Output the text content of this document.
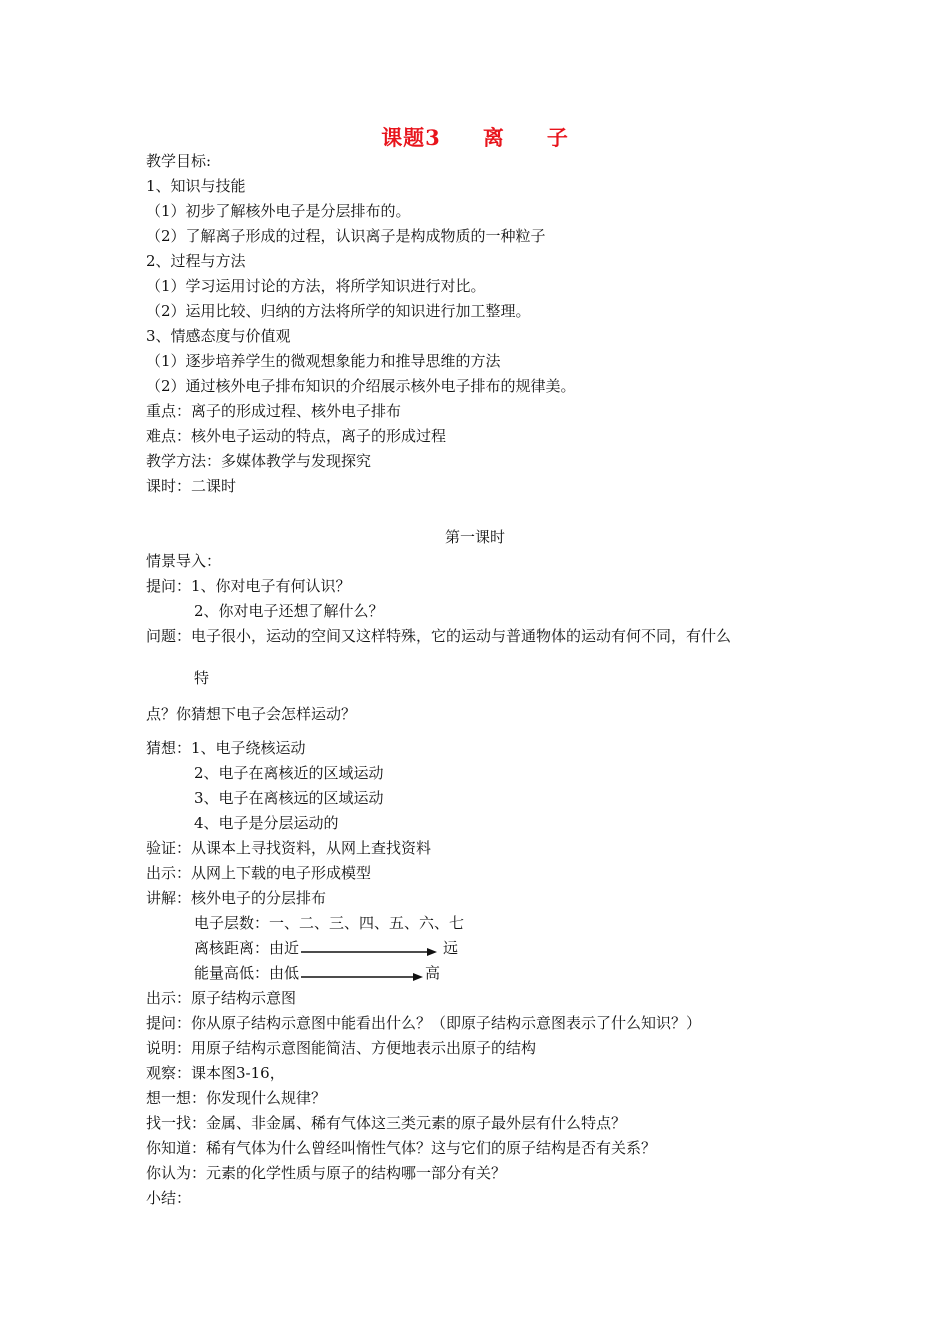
课题3 离 子
教学目标:
1、知识与技能
（1）初步了解核外电子是分层排布的。
（2）了解离子形成的过程，认识离子是构成物质的一种粒子
2、过程与方法
（1）学习运用讨论的方法，将所学知识进行对比。
（2）运用比较、归纳的方法将所学的知识进行加工整理。
3、情感态度与价值观
（1）逐步培养学生的微观想象能力和推导思维的方法
（2）通过核外电子排布知识的介绍展示核外电子排布的规律美。
重点：离子的形成过程、核外电子排布
难点：核外电子运动的特点，离子的形成过程
教学方法：多媒体教学与发现探究
课时：二课时
第一课时
情景导入：
提问：1、你对电子有何认识？
2、你对电子还想了解什么？
问题：电子很小，运动的空间又这样特殊，它的运动与普通物体的运动有何不同，有什么
特
点？你猜想下电子会怎样运动？
猜想：1、电子绕核运动
2、电子在离核近的区域运动
3、电子在离核远的区域运动
4、电子是分层运动的
验证：从课本上寻找资料，从网上查找资料
出示：从网上下载的电子形成模型
讲解：核外电子的分层排布
电子层数：一、二、三、四、五、六、七
离核距离：由近	远
能量高低：由低	高
出示：原子结构示意图
提问：你从原子结构示意图中能看出什么？（即原子结构示意图表示了什么知识？）
说明：用原子结构示意图能简洁、方便地表示出原子的结构
观察：课本图3-16，
想一想：你发现什么规律？
找一找：金属、非金属、稀有气体这三类元素的原子最外层有什么特点？
你知道：稀有气体为什么曾经叫惰性气体？这与它们的原子结构是否有关系？
你认为：元素的化学性质与原子的结构哪一部分有关？
小结：
